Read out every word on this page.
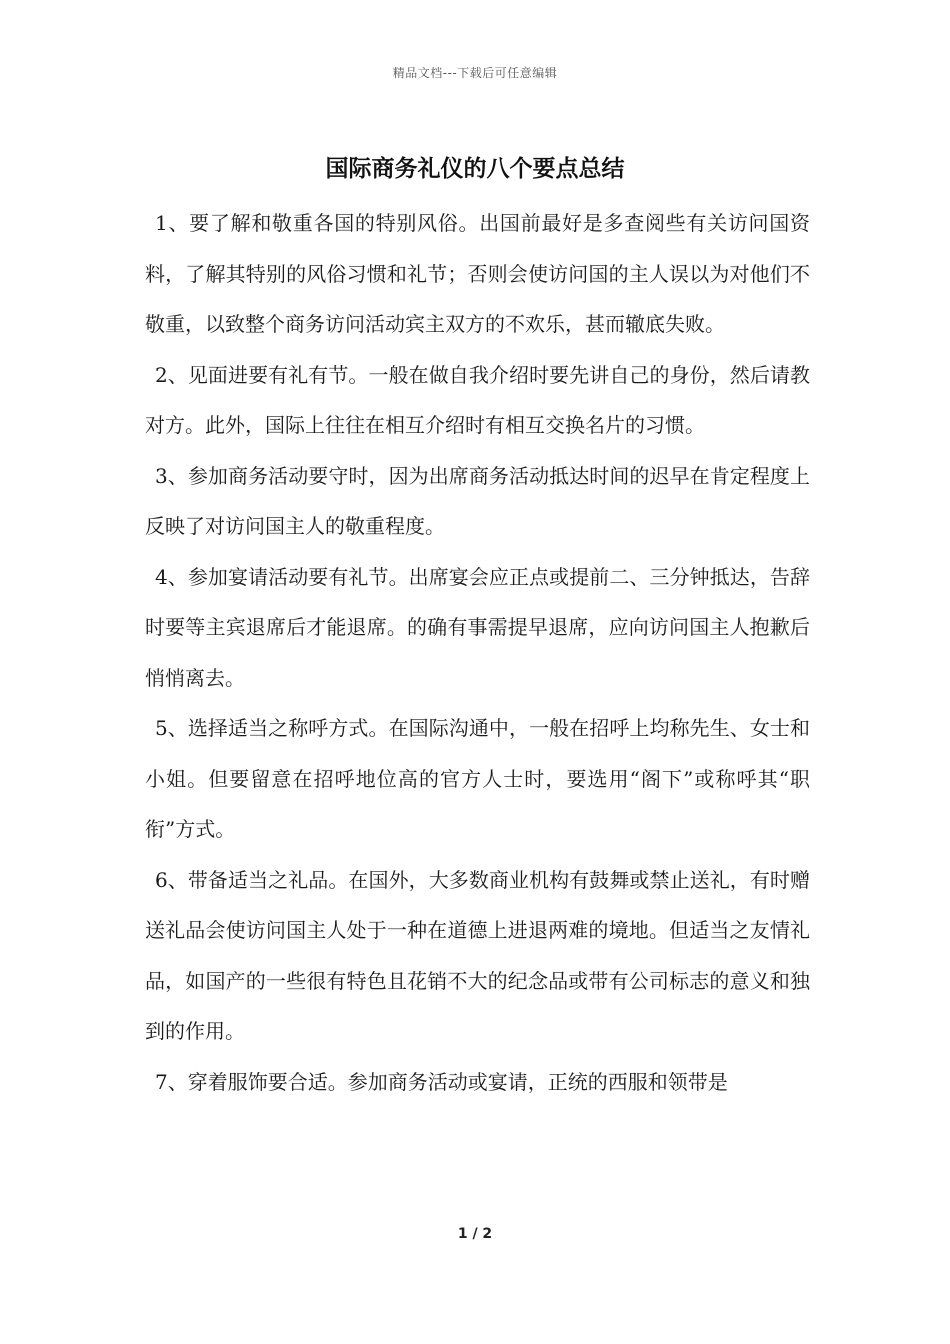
精品文档---下载后可任意编辑
国际商务礼仪的八个要点总结

1、要了解和敬重各国的特别风俗。出国前最好是多查阅些有关访问国资料，了解其特别的风俗习惯和礼节；否则会使访问国的主人误以为对他们不敬重，以致整个商务访问活动宾主双方的不欢乐，甚而辙底失败。

2、见面进要有礼有节。一般在做自我介绍时要先讲自己的身份，然后请教对方。此外，国际上往往在相互介绍时有相互交换名片的习惯。

3、参加商务活动要守时，因为出席商务活动抵达时间的迟早在肯定程度上反映了对访问国主人的敬重程度。

4、参加宴请活动要有礼节。出席宴会应正点或提前二、三分钟抵达，告辞时要等主宾退席后才能退席。的确有事需提早退席，应向访问国主人抱歉后悄悄离去。

5、选择适当之称呼方式。在国际沟通中，一般在招呼上均称先生、女士和小姐。但要留意在招呼地位高的官方人士时，要选用“阁下”或称呼其“职衔”方式。

6、带备适当之礼品。在国外，大多数商业机构有鼓舞或禁止送礼，有时赠送礼品会使访问国主人处于一种在道德上进退两难的境地。但适当之友情礼品，如国产的一些很有特色且花销不大的纪念品或带有公司标志的意义和独到的作用。

7、穿着服饰要合适。参加商务活动或宴请，正统的西服和领带是

1 / 2
